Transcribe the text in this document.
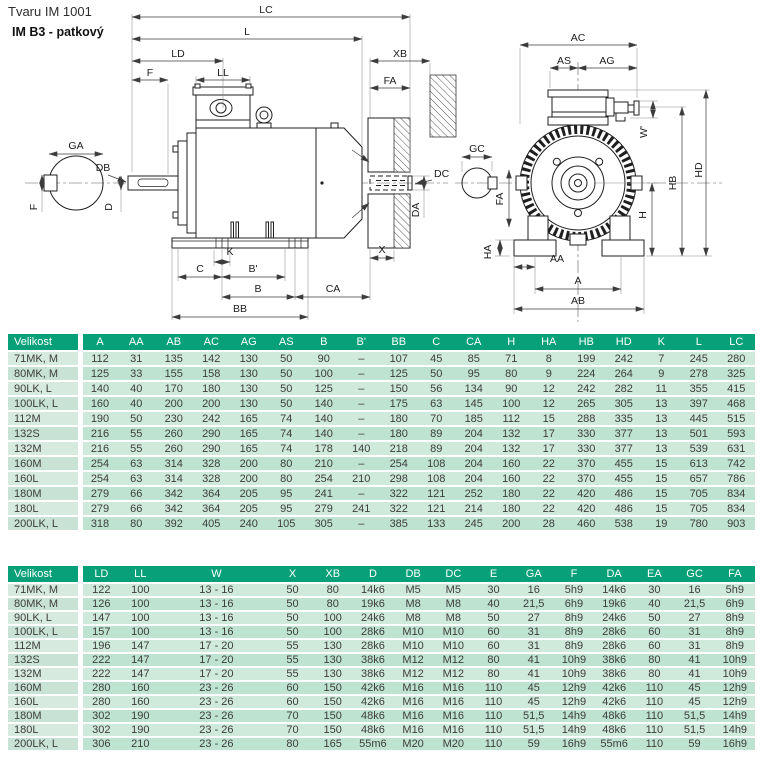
Tvaru IM 1001
IM B3 - patkový
LC
L
LD
F	LL
XB
FA
GA
F
DB
D
K
C	B'
B	CA
BB
X
DC
DA
AC
AS	AG
W'
GC
FA
HA	AA
A
AB
H
HB
HD
Velikost	A	AA	AB	AC	AG	AS	B	B'	BB	C	CA	H	HA	HB	HD	K	L	LC
71MK, M	112	31	135	142	130	50	90	–	107	45	85	71	8	199	242	7	245	280
80MK, M	125	33	155	158	130	50	100	–	125	50	95	80	9	224	264	9	278	325
90LK, L	140	40	170	180	130	50	125	–	150	56	134	90	12	242	282	11	355	415
100LK, L	160	40	200	200	130	50	140	–	175	63	145	100	12	265	305	13	397	468
112M	190	50	230	242	165	74	140	–	180	70	185	112	15	288	335	13	445	515
132S	216	55	260	290	165	74	140	–	180	89	204	132	17	330	377	13	501	593
132M	216	55	260	290	165	74	178	140	218	89	204	132	17	330	377	13	539	631
160M	254	63	314	328	200	80	210	–	254	108	204	160	22	370	455	15	613	742
160L	254	63	314	328	200	80	254	210	298	108	204	160	22	370	455	15	657	786
180M	279	66	342	364	205	95	241	–	322	121	252	180	22	420	486	15	705	834
180L	279	66	342	364	205	95	279	241	322	121	214	180	22	420	486	15	705	834
200LK, L	318	80	392	405	240	105	305	–	385	133	245	200	28	460	538	19	780	903
Velikost	LD	LL	W	X	XB	D	DB	DC	E	GA	F	DA	EA	GC	FA
71MK, M	122	100	13 - 16	50	80	14k6	M5	M5	30	16	5h9	14k6	30	16	5h9
80MK, M	126	100	13 - 16	50	80	19k6	M8	M8	40	21,5	6h9	19k6	40	21,5	6h9
90LK, L	147	100	13 - 16	50	100	24k6	M8	M8	50	27	8h9	24k6	50	27	8h9
100LK, L	157	100	13 - 16	50	100	28k6	M10	M10	60	31	8h9	28k6	60	31	8h9
112M	196	147	17 - 20	55	130	28k6	M10	M10	60	31	8h9	28k6	60	31	8h9
132S	222	147	17 - 20	55	130	38k6	M12	M12	80	41	10h9	38k6	80	41	10h9
132M	222	147	17 - 20	55	130	38k6	M12	M12	80	41	10h9	38k6	80	41	10h9
160M	280	160	23 - 26	60	150	42k6	M16	M16	110	45	12h9	42k6	110	45	12h9
160L	280	160	23 - 26	60	150	42k6	M16	M16	110	45	12h9	42k6	110	45	12h9
180M	302	190	23 - 26	70	150	48k6	M16	M16	110	51,5	14h9	48k6	110	51,5	14h9
180L	302	190	23 - 26	70	150	48k6	M16	M16	110	51,5	14h9	48k6	110	51,5	14h9
200LK, L	306	210	23 - 26	80	165	55m6	M20	M20	110	59	16h9	55m6	110	59	16h9
